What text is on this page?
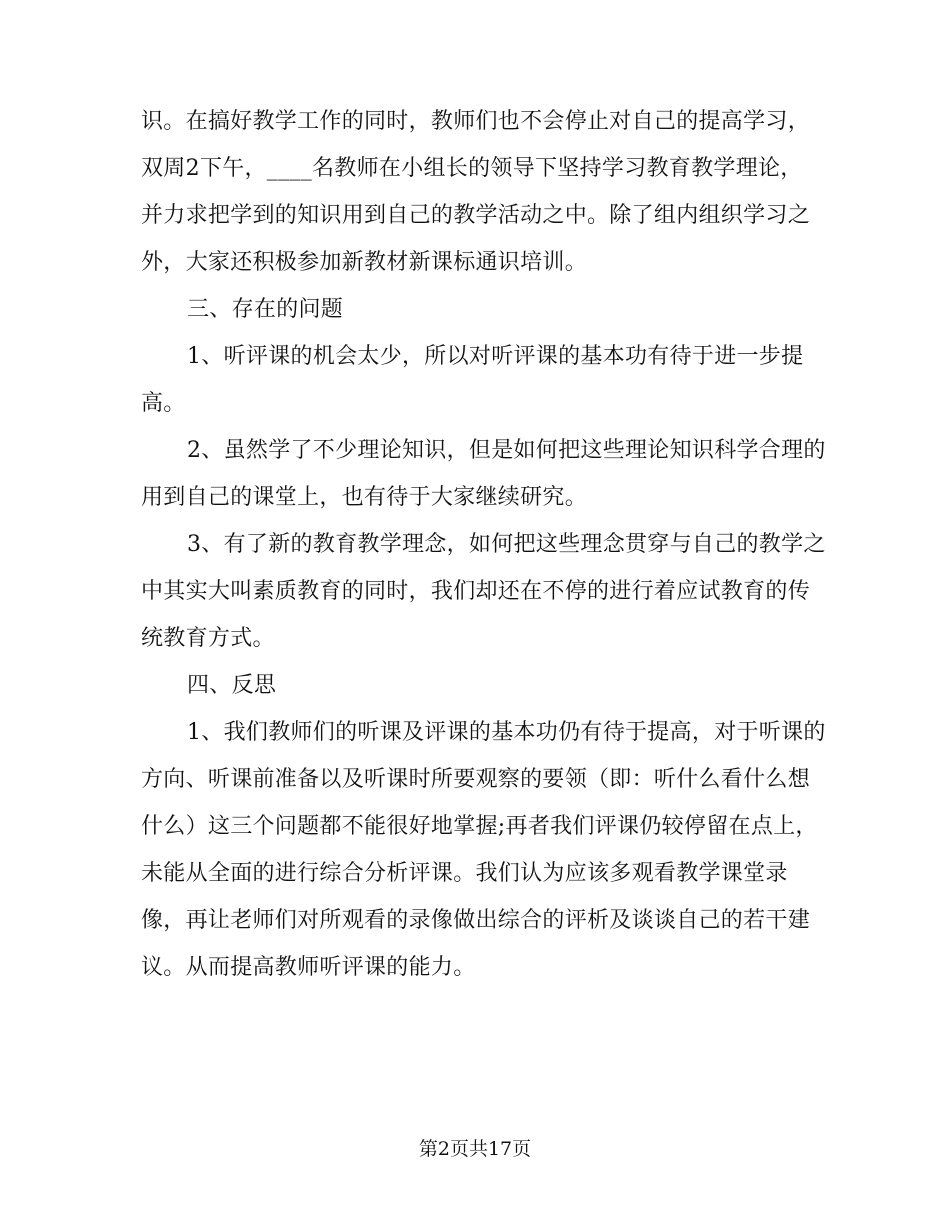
识。在搞好教学工作的同时，教师们也不会停止对自己的提高学习，
双周2下午，____名教师在小组长的领导下坚持学习教育教学理论，
并力求把学到的知识用到自己的教学活动之中。除了组内组织学习之
外，大家还积极参加新教材新课标通识培训。
三、存在的问题
1、听评课的机会太少，所以对听评课的基本功有待于进一步提
高。
2、虽然学了不少理论知识，但是如何把这些理论知识科学合理的
用到自己的课堂上，也有待于大家继续研究。
3、有了新的教育教学理念，如何把这些理念贯穿与自己的教学之
中其实大叫素质教育的同时，我们却还在不停的进行着应试教育的传
统教育方式。
四、反思
1、我们教师们的听课及评课的基本功仍有待于提高，对于听课的
方向、听课前准备以及听课时所要观察的要领（即：听什么看什么想
什么）这三个问题都不能很好地掌握;再者我们评课仍较停留在点上，
未能从全面的进行综合分析评课。我们认为应该多观看教学课堂录
像，再让老师们对所观看的录像做出综合的评析及谈谈自己的若干建
议。从而提高教师听评课的能力。
第2页共17页
